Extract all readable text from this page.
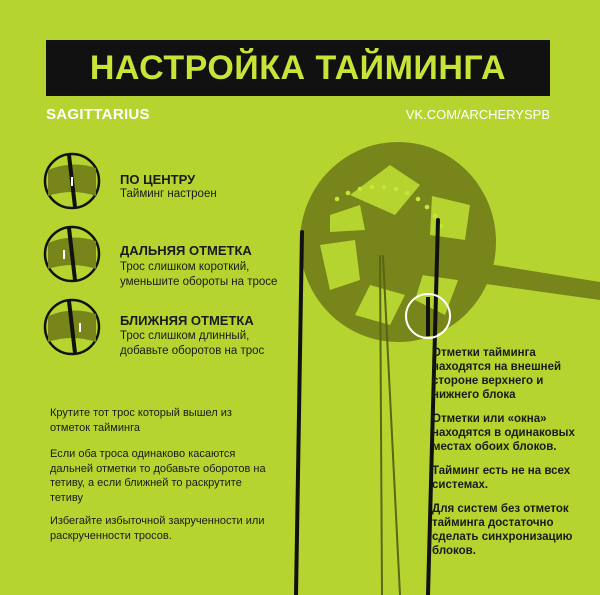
НАСТРОЙКА ТАЙМИНГА
SAGITTARIUS	VK.COM/ARCHERYSPB
ПО ЦЕНТРУ
Тайминг настроен
ДАЛЬНЯЯ ОТМЕТКА
Трос слишком короткий,
уменьшите обороты на тросе
БЛИЖНЯЯ ОТМЕТКА
Трос слишком длинный,
добавьте оборотов на трос
Крутите тот трос который вышел из
отметок тайминга
Если оба троса одинаково касаются
дальней отметки то добавьте оборотов на
тетиву, а если ближней то раскрутите
тетиву
Избегайте избыточной закрученности или
раскрученности тросов.

Отметки тайминга
находятся на внешней
стороне верхнего и
нижнего блока

Отметки или «окна»
находятся в одинаковых
местах обоих блоков.

Тайминг есть не на всех
системах.

Для систем без отметок
тайминга достаточно
сделать синхронизацию
блоков.
